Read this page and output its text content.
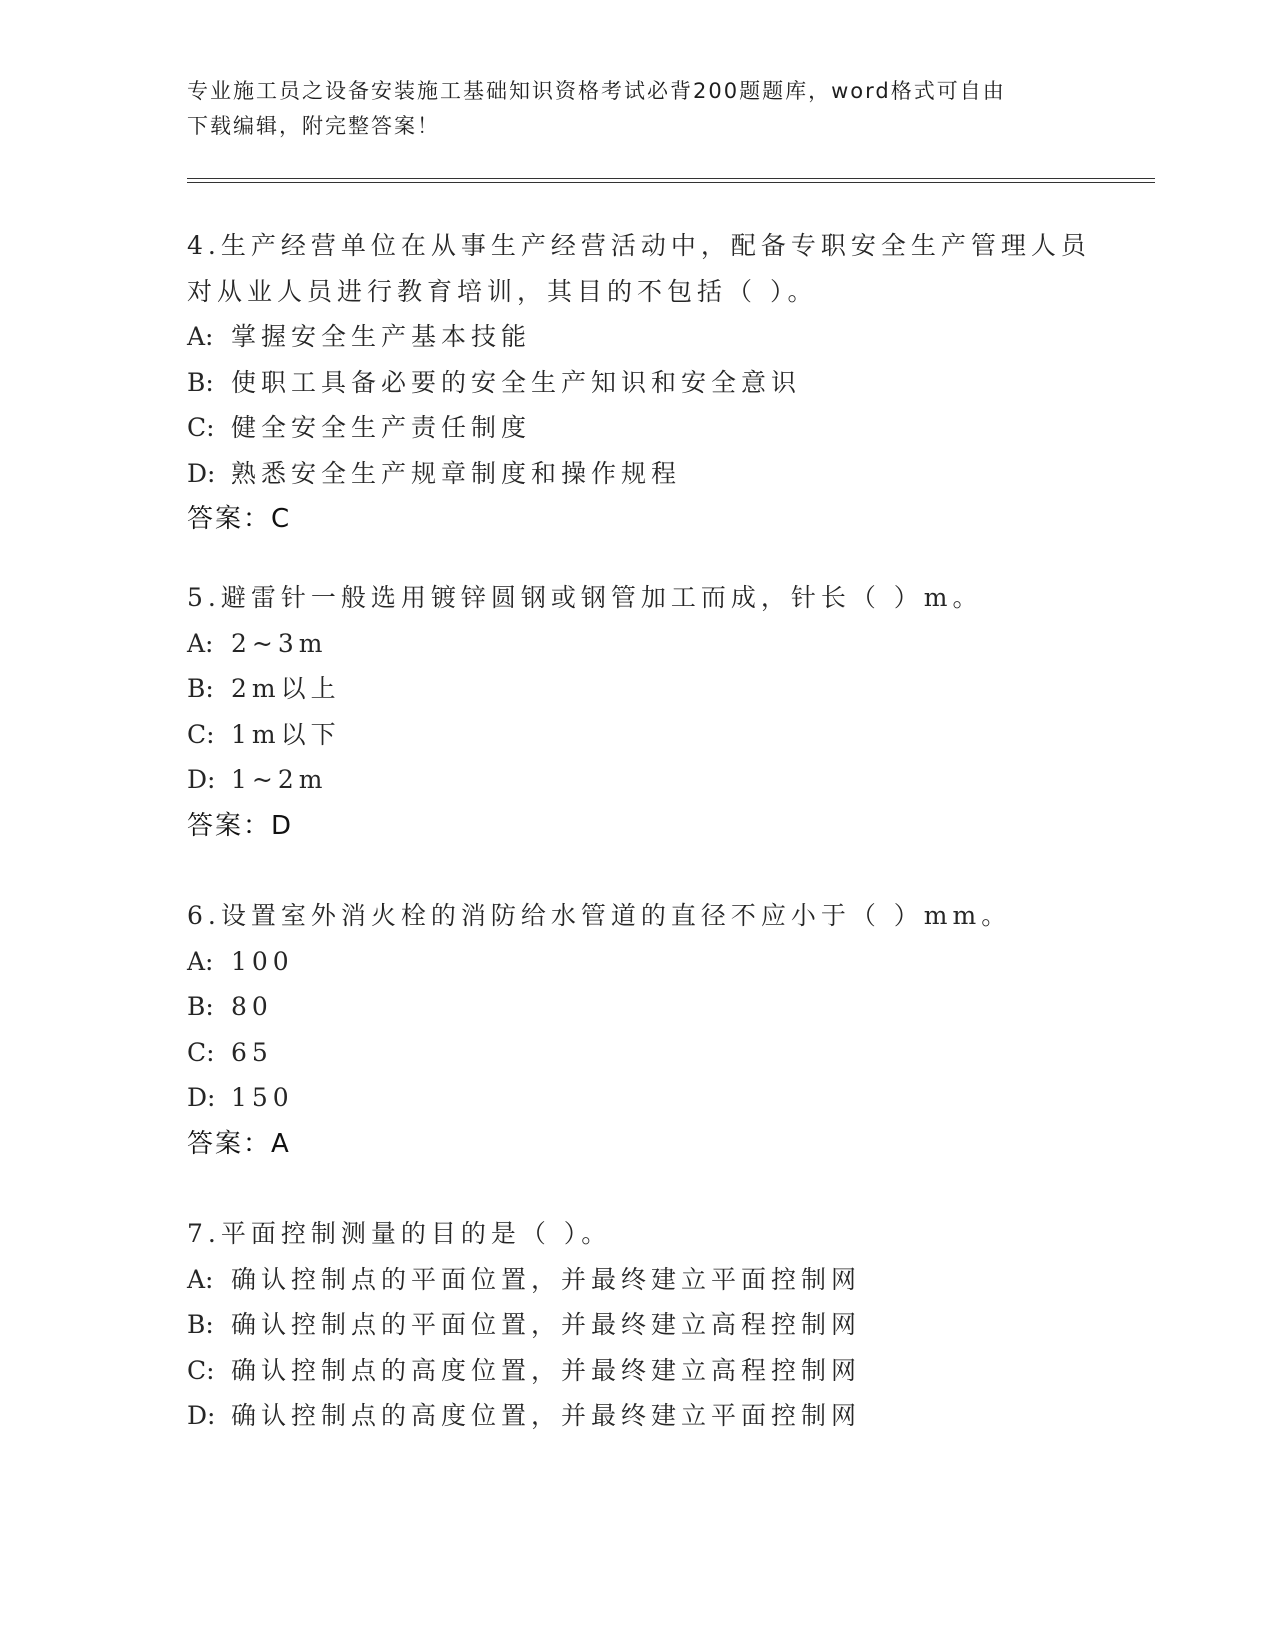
专业施工员之设备安装施工基础知识资格考试必背200题题库，word格式可自由
下载编辑，附完整答案！
4.生产经营单位在从事生产经营活动中，配备专职安全生产管理人员
对从业人员进行教育培训，其目的不包括（ ）。
A: 掌握安全生产基本技能
B: 使职工具备必要的安全生产知识和安全意识
C: 健全安全生产责任制度
D: 熟悉安全生产规章制度和操作规程
答案：C
5.避雷针一般选用镀锌圆钢或钢管加工而成，针长（ ）m。
A: 2~3m
B: 2m以上
C: 1m以下
D: 1~2m
答案：D
6.设置室外消火栓的消防给水管道的直径不应小于（ ）mm。
A: 100
B: 80
C: 65
D: 150
答案：A
7.平面控制测量的目的是（ ）。
A: 确认控制点的平面位置，并最终建立平面控制网
B: 确认控制点的平面位置，并最终建立高程控制网
C: 确认控制点的高度位置，并最终建立高程控制网
D: 确认控制点的高度位置，并最终建立平面控制网
